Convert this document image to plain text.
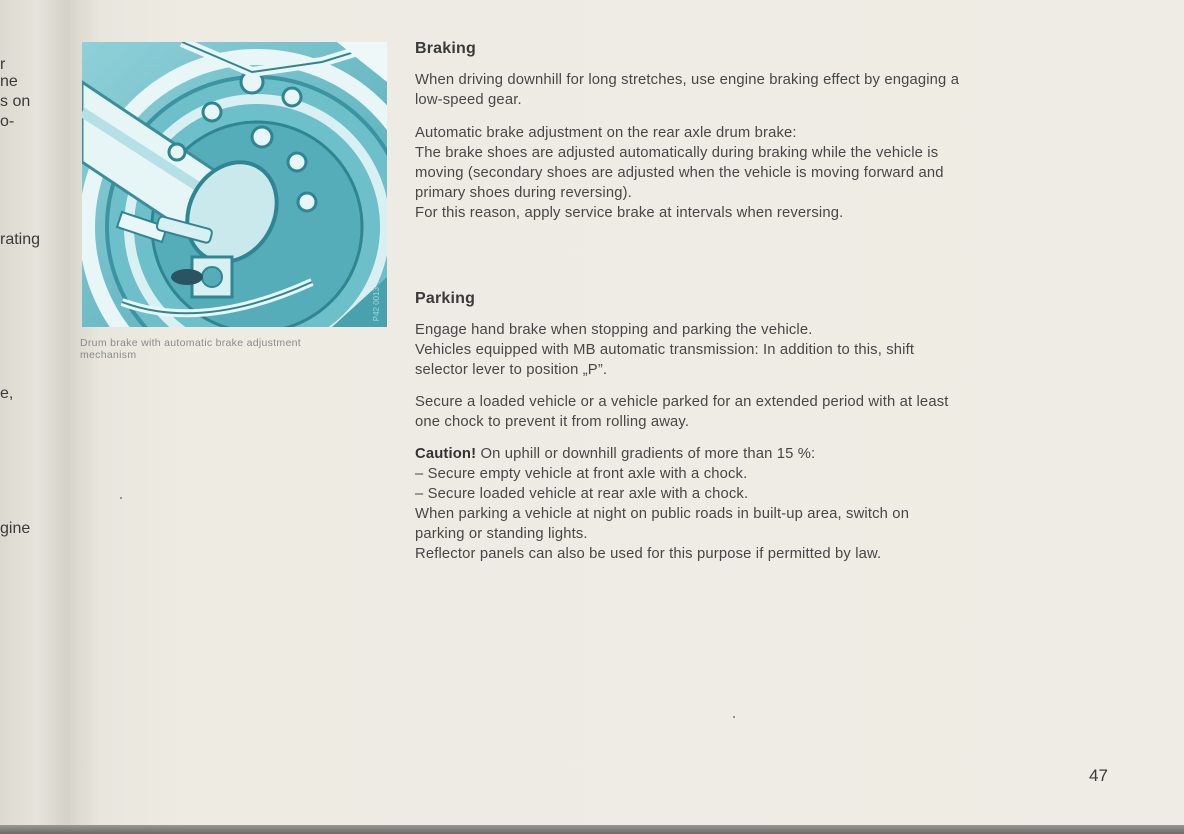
r
ne
s on
o-
rating
e,
gine
P42 0013
Drum brake with automatic brake adjustment
mechanism
Braking
When driving downhill for long stretches, use engine braking effect by engaging a
low-speed gear.
Automatic brake adjustment on the rear axle drum brake:
The brake shoes are adjusted automatically during braking while the vehicle is
moving (secondary shoes are adjusted when the vehicle is moving forward and
primary shoes during reversing).
For this reason, apply service brake at intervals when reversing.
Parking
Engage hand brake when stopping and parking the vehicle.
Vehicles equipped with MB automatic transmission: In addition to this, shift
selector lever to position „P”.
Secure a loaded vehicle or a vehicle parked for an extended period with at least
one chock to prevent it from rolling away.
Caution! On uphill or downhill gradients of more than 15 %:
– Secure empty vehicle at front axle with a chock.
– Secure loaded vehicle at rear axle with a chock.
When parking a vehicle at night on public roads in built-up area, switch on
parking or standing lights.
Reflector panels can also be used for this purpose if permitted by law.
47
